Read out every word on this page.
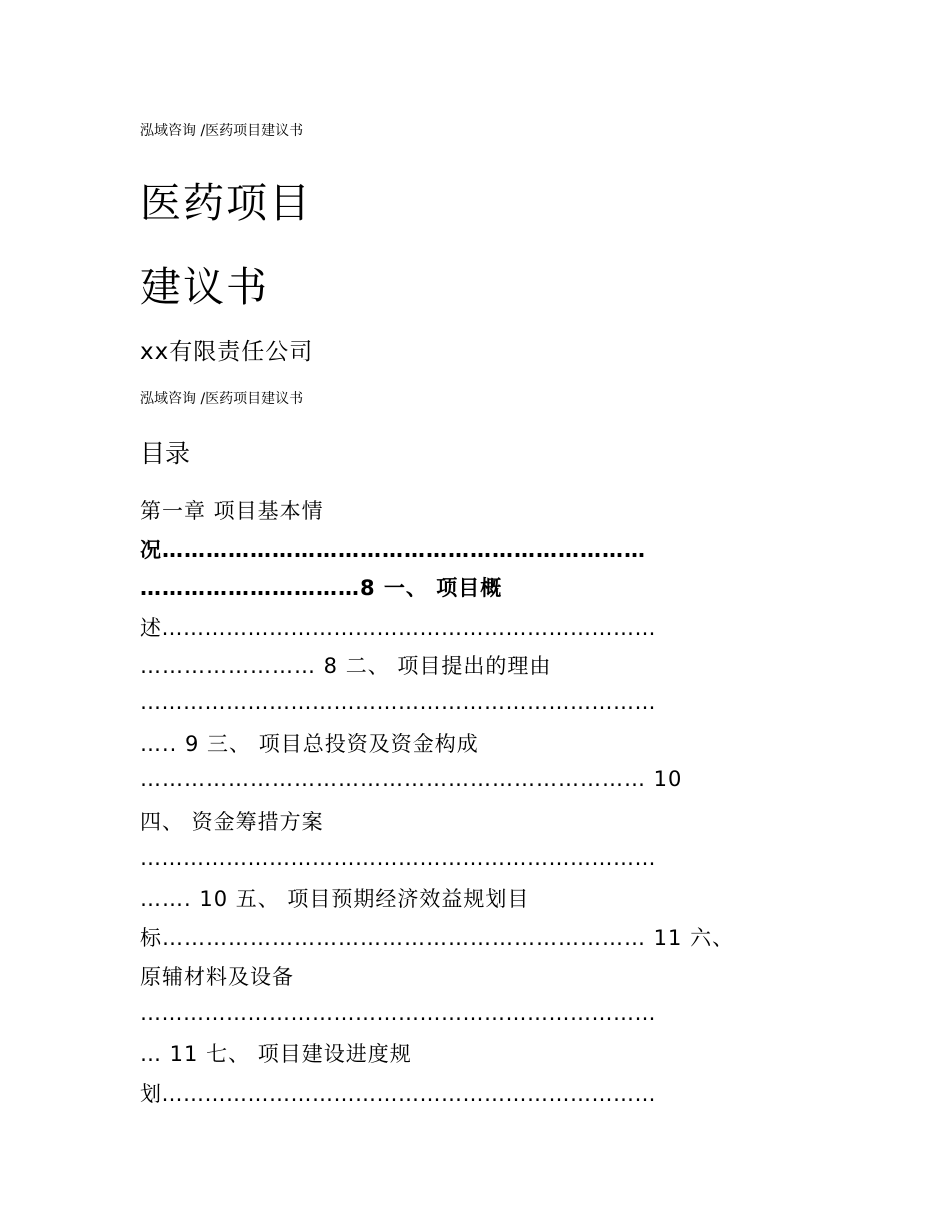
泓域咨询 /医药项目建议书
医药项目
建议书
xx有限责任公司
泓域咨询 /医药项目建议书
目录
第一章 项目基本情
况…………………………………………………………
…………………………8 一、 项目概
述……………………………………………………………
…………………… 8 二、 项目提出的理由
………………………………………………………………
….. 9 三、 项目总投资及资金构成
…………………………………………………………… 10
四、 资金筹措方案
………………………………………………………………
……. 10 五、 项目预期经济效益规划目
标………………………………………………………… 11 六、
原辅材料及设备
………………………………………………………………
… 11 七、 项目建设进度规
划……………………………………………………………
